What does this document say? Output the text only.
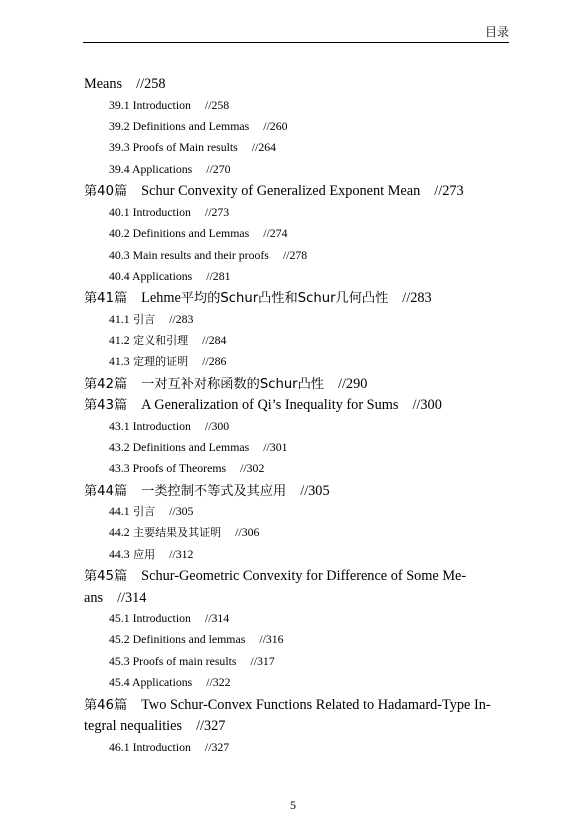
目录
Means //258
39.1 Introduction //258
39.2 Definitions and Lemmas //260
39.3 Proofs of Main results //264
39.4 Applications //270
第40篇 Schur Convexity of Generalized Exponent Mean //273
40.1 Introduction //273
40.2 Definitions and Lemmas //274
40.3 Main results and their proofs //278
40.4 Applications //281
第41篇 Lehme平均的Schur凸性和Schur几何凸性 //283
41.1 引言 //283
41.2 定义和引理 //284
41.3 定理的证明 //286
第42篇 一对互补对称函数的Schur凸性 //290
第43篇 A Generalization of Qi’s Inequality for Sums //300
43.1 Introduction //300
43.2 Definitions and Lemmas //301
43.3 Proofs of Theorems //302
第44篇 一类控制不等式及其应用 //305
44.1 引言 //305
44.2 主要结果及其证明 //306
44.3 应用 //312
第45篇 Schur-Geometric Convexity for Difference of Some Me-
ans //314
45.1 Introduction //314
45.2 Definitions and lemmas //316
45.3 Proofs of main results //317
45.4 Applications //322
第46篇 Two Schur-Convex Functions Related to Hadamard-Type In-
tegral nequalities //327
46.1 Introduction //327
5
